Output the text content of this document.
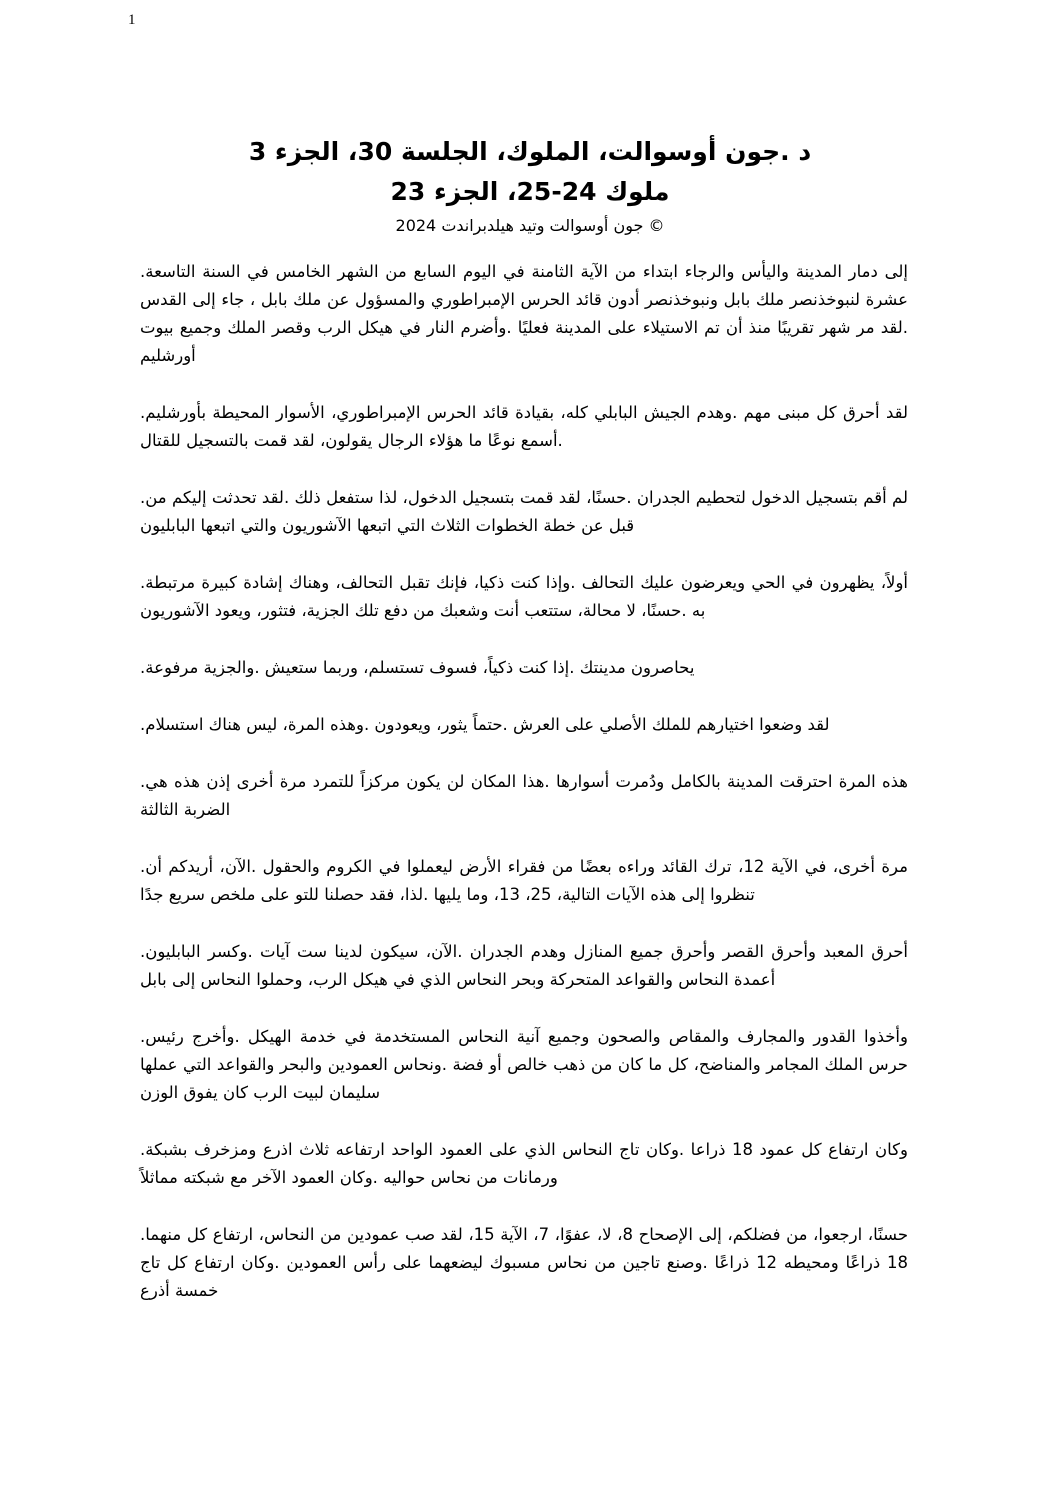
1
د .جون أوسوالت، الملوك، الجلسة 30، الجزء 3
ملوك 24-25، الجزء 23
جون أوسوالت وتيد هيلدبراندت 2024 ©

.إلى دمار المدينة واليأس والرجاء ابتداء من الآية الثامنة في اليوم السابع من الشهر الخامس في السنة التاسعة عشرة لنبوخذنصر ملك بابل ونبوخذنصر أدون قائد الحرس الإمبراطوري والمسؤول عن ملك بابل ، جاء إلى القدس .لقد مر شهر تقريبًا منذ أن تم الاستيلاء على المدينة فعليًا .وأضرم النار في هيكل الرب وقصر الملك وجميع بيوت أورشليم

.لقد أحرق كل مبنى مهم .وهدم الجيش البابلي كله، بقيادة قائد الحرس الإمبراطوري، الأسوار المحيطة بأورشليم .أسمع نوعًا ما هؤلاء الرجال يقولون، لقد قمت بالتسجيل للقتال

.لم أقم بتسجيل الدخول لتحطيم الجدران .حسنًا، لقد قمت بتسجيل الدخول، لذا ستفعل ذلك .لقد تحدثت إليكم من قبل عن خطة الخطوات الثلاث التي اتبعها الآشوريون والتي اتبعها البابليون

.أولاً، يظهرون في الحي ويعرضون عليك التحالف .وإذا كنت ذكيا، فإنك تقبل التحالف، وهناك إشادة كبيرة مرتبطة به .حسنًا، لا محالة، ستتعب أنت وشعبك من دفع تلك الجزية، فتثور، ويعود الآشوريون

.يحاصرون مدينتك .إذا كنت ذكياً، فسوف تستسلم، وربما ستعيش .والجزية مرفوعة

.لقد وضعوا اختيارهم للملك الأصلي على العرش .حتماً يثور، ويعودون .وهذه المرة، ليس هناك استسلام

.هذه المرة احترقت المدينة بالكامل ودُمرت أسوارها .هذا المكان لن يكون مركزاً للتمرد مرة أخرى إذن هذه هي الضربة الثالثة

.مرة أخرى، في الآية 12، ترك القائد وراءه بعضًا من فقراء الأرض ليعملوا في الكروم والحقول .الآن، أريدكم أن تنظروا إلى هذه الآيات التالية، 25، 13، وما يليها .لذا، فقد حصلنا للتو على ملخص سريع جدًا

.أحرق المعبد وأحرق القصر وأحرق جميع المنازل وهدم الجدران .الآن، سيكون لدينا ست آيات .وكسر البابليون أعمدة النحاس والقواعد المتحركة وبحر النحاس الذي في هيكل الرب، وحملوا النحاس إلى بابل

.وأخذوا القدور والمجارف والمقاص والصحون وجميع آنية النحاس المستخدمة في خدمة الهيكل .وأخرج رئيس حرس الملك المجامر والمناضح، كل ما كان من ذهب خالص أو فضة .ونحاس العمودين والبحر والقواعد التي عملها سليمان لبيت الرب كان يفوق الوزن

.وكان ارتفاع كل عمود 18 ذراعا .وكان تاج النحاس الذي على العمود الواحد ارتفاعه ثلاث اذرع ومزخرف بشبكة ورمانات من نحاس حواليه .وكان العمود الآخر مع شبكته مماثلاً

.حسنًا، ارجعوا، من فضلكم، إلى الإصحاح 8، لا، عفوًا، 7، الآية 15، لقد صب عمودين من النحاس، ارتفاع كل منهما 18 ذراعًا ومحيطه 12 ذراعًا .وصنع تاجين من نحاس مسبوك ليضعهما على رأس العمودين .وكان ارتفاع كل تاج خمسة أذرع
